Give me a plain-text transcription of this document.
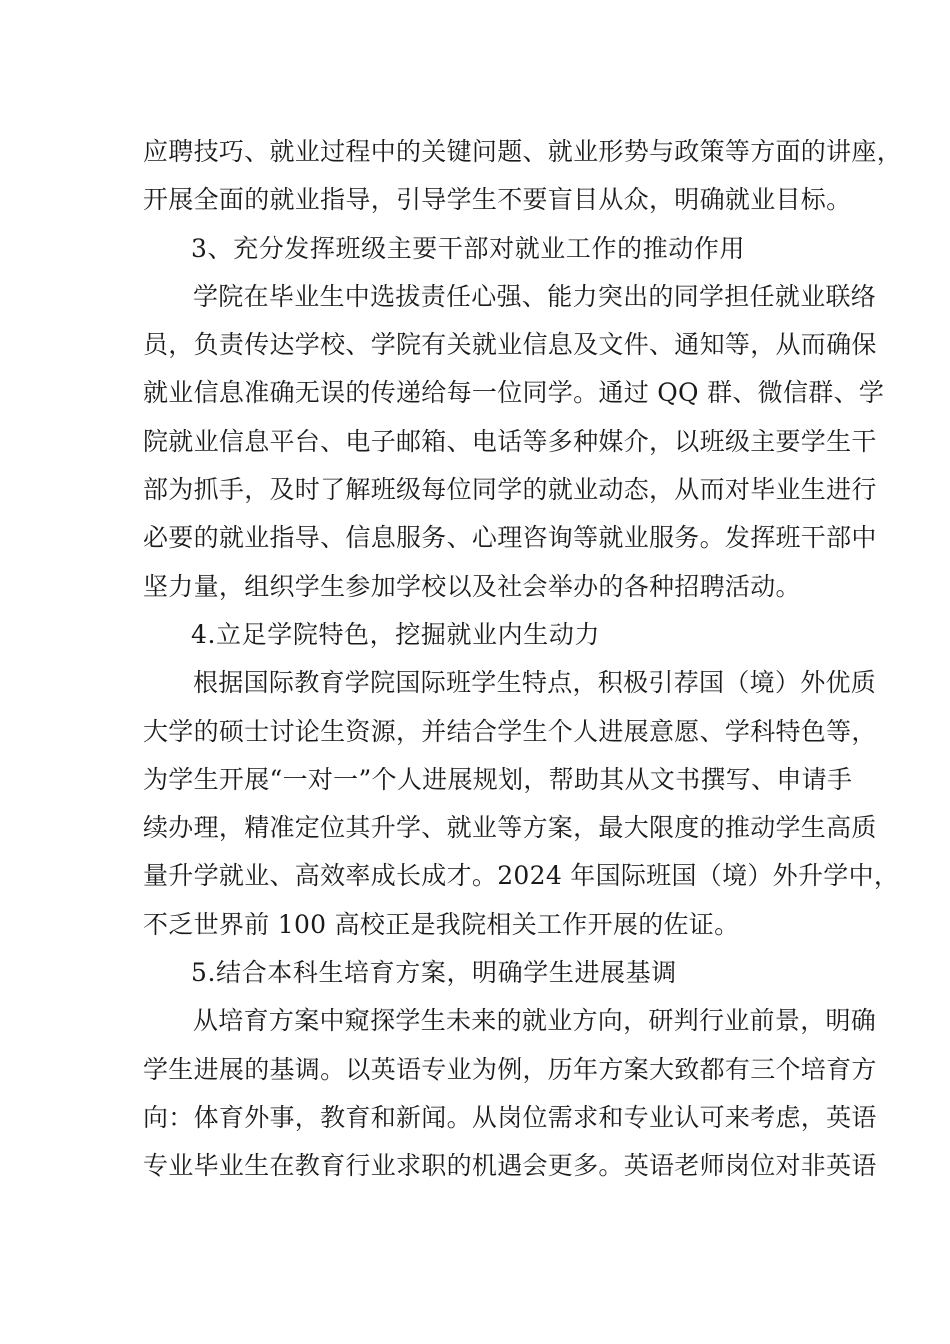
应聘技巧、就业过程中的关键问题、就业形势与政策等方面的讲座，
开展全面的就业指导，引导学生不要盲目从众，明确就业目标。
3、充分发挥班级主要干部对就业工作的推动作用
学院在毕业生中选拔责任心强、能力突出的同学担任就业联络
员，负责传达学校、学院有关就业信息及文件、通知等，从而确保
就业信息准确无误的传递给每一位同学。通过 QQ 群、微信群、学
院就业信息平台、电子邮箱、电话等多种媒介，以班级主要学生干
部为抓手，及时了解班级每位同学的就业动态，从而对毕业生进行
必要的就业指导、信息服务、心理咨询等就业服务。发挥班干部中
坚力量，组织学生参加学校以及社会举办的各种招聘活动。
4.立足学院特色，挖掘就业内生动力
根据国际教育学院国际班学生特点，积极引荐国（境）外优质
大学的硕士讨论生资源，并结合学生个人进展意愿、学科特色等，
为学生开展“一对一”个人进展规划，帮助其从文书撰写、申请手
续办理，精准定位其升学、就业等方案，最大限度的推动学生高质
量升学就业、高效率成长成才。2024 年国际班国（境）外升学中，
不乏世界前 100 高校正是我院相关工作开展的佐证。
5.结合本科生培育方案，明确学生进展基调
从培育方案中窥探学生未来的就业方向，研判行业前景，明确
学生进展的基调。以英语专业为例，历年方案大致都有三个培育方
向：体育外事，教育和新闻。从岗位需求和专业认可来考虑，英语
专业毕业生在教育行业求职的机遇会更多。英语老师岗位对非英语
